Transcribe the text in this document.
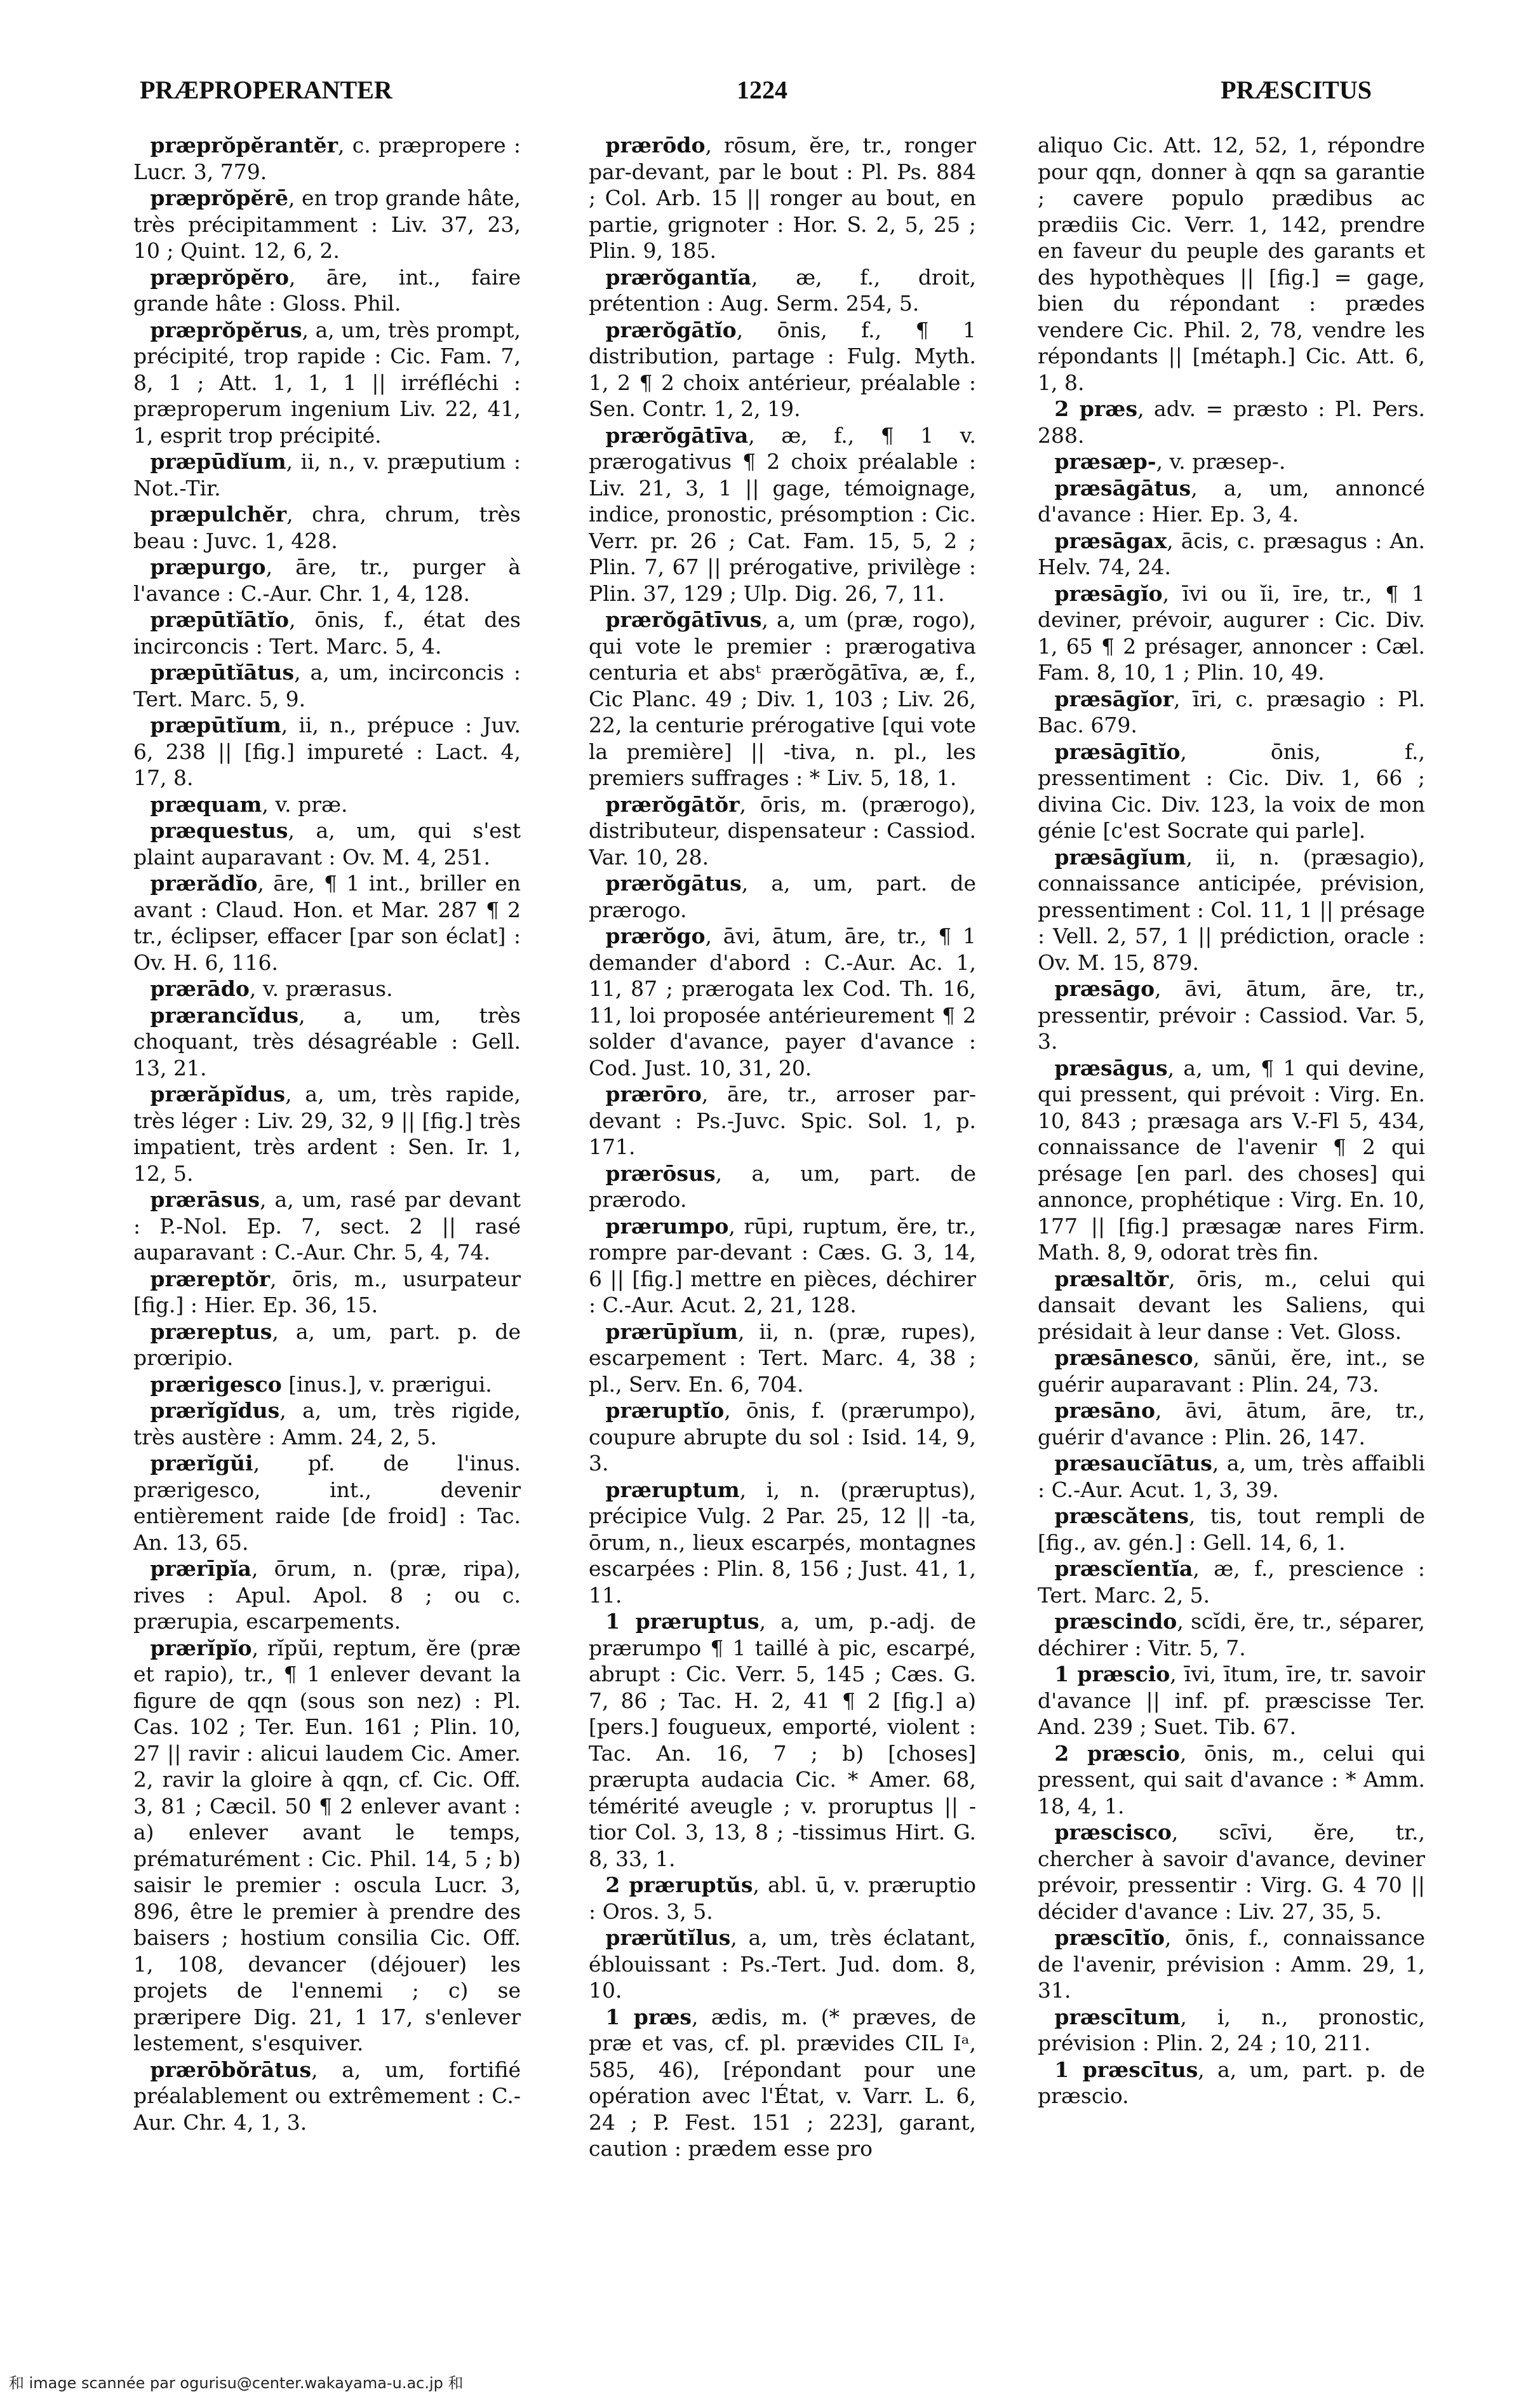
PRÆPROPERANTER	1224	PRÆSCITUS

præprŏpĕrantĕr, c. præpropere : Lucr. 3, 779.

præprŏpĕrē, en trop grande hâte, très précipitamment : Liv. 37, 23, 10 ; Quint. 12, 6, 2.

præprŏpĕro, āre, int., faire grande hâte : Gloss. Phil.

præprŏpĕrus, a, um, très prompt, précipité, trop rapide : Cic. Fam. 7, 8, 1 ; Att. 1, 1, 1 || irréfléchi : præproperum ingenium Liv. 22, 41, 1, esprit trop précipité.

præpūdĭum, ii, n., v. præputium : Not.-Tir.

præpulchĕr, chra, chrum, très beau : Juvc. 1, 428.

præpurgo, āre, tr., purger à l'avance : C.-Aur. Chr. 1, 4, 128.

præpūtĭātĭo, ōnis, f., état des incirconcis : Tert. Marc. 5, 4.

præpūtĭātus, a, um, incirconcis : Tert. Marc. 5, 9.

præpūtĭum, ii, n., prépuce : Juv. 6, 238 || [fig.] impureté : Lact. 4, 17, 8.

præquam, v. præ.

præquestus, a, um, qui s'est plaint auparavant : Ov. M. 4, 251.

prærădĭo, āre, ¶ 1 int., briller en avant : Claud. Hon. et Mar. 287 ¶ 2 tr., éclipser, effacer [par son éclat] : Ov. H. 6, 116.

prærādo, v. prærasus.

prærancĭdus, a, um, très choquant, très désagréable : Gell. 13, 21.

prærăpĭdus, a, um, très rapide, très léger : Liv. 29, 32, 9 || [fig.] très impatient, très ardent : Sen. Ir. 1, 12, 5.

prærāsus, a, um, rasé par devant : P.-Nol. Ep. 7, sect. 2 || rasé auparavant : C.-Aur. Chr. 5, 4, 74.

præreptŏr, ōris, m., usurpateur [fig.] : Hier. Ep. 36, 15.

præreptus, a, um, part. p. de prœripio.

prærigesco [inus.], v. prærigui.

prærĭgĭdus, a, um, très rigide, très austère : Amm. 24, 2, 5.

prærĭgŭi, pf. de l'inus. prærigesco, int., devenir entièrement raide [de froid] : Tac. An. 13, 65.

prærīpĭa, ōrum, n. (præ, ripa), rives : Apul. Apol. 8 ; ou c. prærupia, escarpements.

prærĭpĭo, rĭpŭi, reptum, ĕre (præ et rapio), tr., ¶ 1 enlever devant la figure de qqn (sous son nez) : Pl. Cas. 102 ; Ter. Eun. 161 ; Plin. 10, 27 || ravir : alicui laudem Cic. Amer. 2, ravir la gloire à qqn, cf. Cic. Off. 3, 81 ; Cæcil. 50 ¶ 2 enlever avant : a) enlever avant le temps, prématurément : Cic. Phil. 14, 5 ; b) saisir le premier : oscula Lucr. 3, 896, être le premier à prendre des baisers ; hostium consilia Cic. Off. 1, 108, devancer (déjouer) les projets de l'ennemi ; c) se præripere Dig. 21, 1 17, s'enlever lestement, s'esquiver.

prærōbŏrātus, a, um, fortifié préalablement ou extrêmement : C.-Aur. Chr. 4, 1, 3.

prærōdo, rōsum, ĕre, tr., ronger par-devant, par le bout : Pl. Ps. 884 ; Col. Arb. 15 || ronger au bout, en partie, grignoter : Hor. S. 2, 5, 25 ; Plin. 9, 185.

prærŏgantĭa, æ, f., droit, prétention : Aug. Serm. 254, 5.

prærŏgātĭo, ōnis, f., ¶ 1 distribution, partage : Fulg. Myth. 1, 2 ¶ 2 choix antérieur, préalable : Sen. Contr. 1, 2, 19.

prærŏgātīva, æ, f., ¶ 1 v. prærogativus ¶ 2 choix préalable : Liv. 21, 3, 1 || gage, témoignage, indice, pronostic, présomption : Cic. Verr. pr. 26 ; Cat. Fam. 15, 5, 2 ; Plin. 7, 67 || prérogative, privilège : Plin. 37, 129 ; Ulp. Dig. 26, 7, 11.

prærŏgātīvus, a, um (præ, rogo), qui vote le premier : prærogativa centuria et absᵗ prærŏgātīva, æ, f., Cic Planc. 49 ; Div. 1, 103 ; Liv. 26, 22, la centurie prérogative [qui vote la première] || -tiva, n. pl., les premiers suffrages : * Liv. 5, 18, 1.

prærŏgātŏr, ōris, m. (prærogo), distributeur, dispensateur : Cassiod. Var. 10, 28.

prærŏgātus, a, um, part. de prærogo.

prærŏgo, āvi, ātum, āre, tr., ¶ 1 demander d'abord : C.-Aur. Ac. 1, 11, 87 ; prærogata lex Cod. Th. 16, 11, loi proposée antérieurement ¶ 2 solder d'avance, payer d'avance : Cod. Just. 10, 31, 20.

prærōro, āre, tr., arroser par-devant : Ps.-Juvc. Spic. Sol. 1, p. 171.

prærōsus, a, um, part. de prærodo.

prærumpo, rūpi, ruptum, ĕre, tr., rompre par-devant : Cæs. G. 3, 14, 6 || [fig.] mettre en pièces, déchirer : C.-Aur. Acut. 2, 21, 128.

prærūpĭum, ii, n. (præ, rupes), escarpement : Tert. Marc. 4, 38 ; pl., Serv. En. 6, 704.

præruptĭo, ōnis, f. (prærumpo), coupure abrupte du sol : Isid. 14, 9, 3.

præruptum, i, n. (præruptus), précipice Vulg. 2 Par. 25, 12 || -ta, ōrum, n., lieux escarpés, montagnes escarpées : Plin. 8, 156 ; Just. 41, 1, 11.

1 præruptus, a, um, p.-adj. de prærumpo ¶ 1 taillé à pic, escarpé, abrupt : Cic. Verr. 5, 145 ; Cæs. G. 7, 86 ; Tac. H. 2, 41 ¶ 2 [fig.] a) [pers.] fougueux, emporté, violent : Tac. An. 16, 7 ; b) [choses] prærupta audacia Cic. * Amer. 68, témérité aveugle ; v. proruptus || -tior Col. 3, 13, 8 ; -tissimus Hirt. G. 8, 33, 1.

2 præruptŭs, abl. ū, v. præruptio : Oros. 3, 5.

prærŭtĭlus, a, um, très éclatant, éblouissant : Ps.-Tert. Jud. dom. 8, 10.

1 præs, ædis, m. (* præves, de præ et vas, cf. pl. prævides CIL Iᵃ, 585, 46), [répondant pour une opération avec l'État, v. Varr. L. 6, 24 ; P. Fest. 151 ; 223], garant, caution : prædem esse pro

aliquo Cic. Att. 12, 52, 1, répondre pour qqn, donner à qqn sa garantie ; cavere populo prædibus ac prædiis Cic. Verr. 1, 142, prendre en faveur du peuple des garants et des hypothèques || [fig.] = gage, bien du répondant : prædes vendere Cic. Phil. 2, 78, vendre les répondants || [métaph.] Cic. Att. 6, 1, 8.

2 præs, adv. = præsto : Pl. Pers. 288.

præsæp-, v. præsep-.

præsāgātus, a, um, annoncé d'avance : Hier. Ep. 3, 4.

præsāgax, ācis, c. præsagus : An. Helv. 74, 24.

præsāgĭo, īvi ou ĭi, īre, tr., ¶ 1 deviner, prévoir, augurer : Cic. Div. 1, 65 ¶ 2 présager, annoncer : Cæl. Fam. 8, 10, 1 ; Plin. 10, 49.

præsāgĭor, īri, c. præsagio : Pl. Bac. 679.

præsāgītĭo, ōnis, f., pressentiment : Cic. Div. 1, 66 ; divina Cic. Div. 123, la voix de mon génie [c'est Socrate qui parle].

præsāgĭum, ii, n. (præsagio), connaissance anticipée, prévision, pressentiment : Col. 11, 1 || présage : Vell. 2, 57, 1 || prédiction, oracle : Ov. M. 15, 879.

præsāgo, āvi, ātum, āre, tr., pressentir, prévoir : Cassiod. Var. 5, 3.

præsāgus, a, um, ¶ 1 qui devine, qui pressent, qui prévoit : Virg. En. 10, 843 ; præsaga ars V.-Fl 5, 434, connaissance de l'avenir ¶ 2 qui présage [en parl. des choses] qui annonce, prophétique : Virg. En. 10, 177 || [fig.] præsagæ nares Firm. Math. 8, 9, odorat très fin.

præsaltŏr, ōris, m., celui qui dansait devant les Saliens, qui présidait à leur danse : Vet. Gloss.

præsānesco, sānŭi, ĕre, int., se guérir auparavant : Plin. 24, 73.

præsāno, āvi, ātum, āre, tr., guérir d'avance : Plin. 26, 147.

præsaucĭātus, a, um, très affaibli : C.-Aur. Acut. 1, 3, 39.

præscătens, tis, tout rempli de [fig., av. gén.] : Gell. 14, 6, 1.

præscĭentĭa, æ, f., prescience : Tert. Marc. 2, 5.

præscindo, scĭdi, ĕre, tr., séparer, déchirer : Vitr. 5, 7.

1 præscio, īvi, ītum, īre, tr. savoir d'avance || inf. pf. præscisse Ter. And. 239 ; Suet. Tib. 67.

2 præscio, ōnis, m., celui qui pressent, qui sait d'avance : * Amm. 18, 4, 1.

præscisco, scīvi, ĕre, tr., chercher à savoir d'avance, deviner prévoir, pressentir : Virg. G. 4 70 || décider d'avance : Liv. 27, 35, 5.

præscītĭo, ōnis, f., connaissance de l'avenir, prévision : Amm. 29, 1, 31.

præscītum, i, n., pronostic, prévision : Plin. 2, 24 ; 10, 211.

1 præscītus, a, um, part. p. de præscio.

和 image scannée par ogurisu@center.wakayama-u.ac.jp 和
